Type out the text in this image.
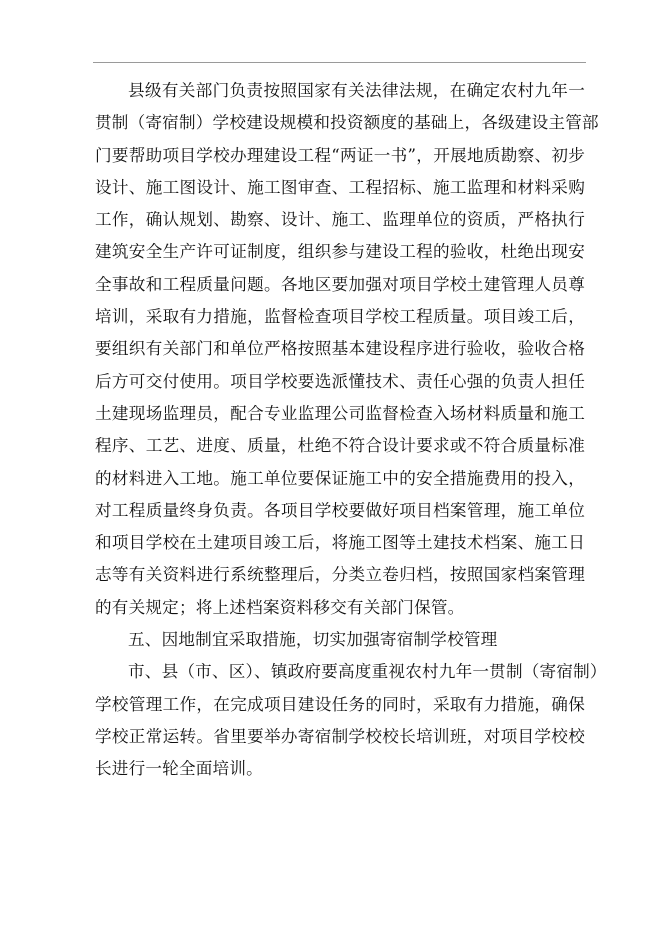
县级有关部门负责按照国家有关法律法规，在确定农村九年一
贯制（寄宿制）学校建设规模和投资额度的基础上，各级建设主管部
门要帮助项目学校办理建设工程“两证一书”，开展地质勘察、初步
设计、施工图设计、施工图审查、工程招标、施工监理和材料采购
工作，确认规划、勘察、设计、施工、监理单位的资质，严格执行
建筑安全生产许可证制度，组织参与建设工程的验收，杜绝出现安
全事故和工程质量问题。各地区要加强对项目学校土建管理人员尊
培训，采取有力措施，监督检查项目学校工程质量。项目竣工后，
要组织有关部门和单位严格按照基本建设程序进行验收，验收合格
后方可交付使用。项目学校要选派懂技术、责任心强的负责人担任
土建现场监理员，配合专业监理公司监督检查入场材料质量和施工
程序、工艺、进度、质量，杜绝不符合设计要求或不符合质量标准
的材料进入工地。施工单位要保证施工中的安全措施费用的投入，
对工程质量终身负责。各项目学校要做好项目档案管理，施工单位
和项目学校在土建项目竣工后，将施工图等土建技术档案、施工日
志等有关资料进行系统整理后，分类立卷归档，按照国家档案管理
的有关规定；将上述档案资料移交有关部门保管。
五、因地制宜采取措施，切实加强寄宿制学校管理
市、县（市、区）、镇政府要高度重视农村九年一贯制（寄宿制）
学校管理工作，在完成项目建设任务的同时，采取有力措施，确保
学校正常运转。省里要举办寄宿制学校校长培训班，对项目学校校
长进行一轮全面培训。
